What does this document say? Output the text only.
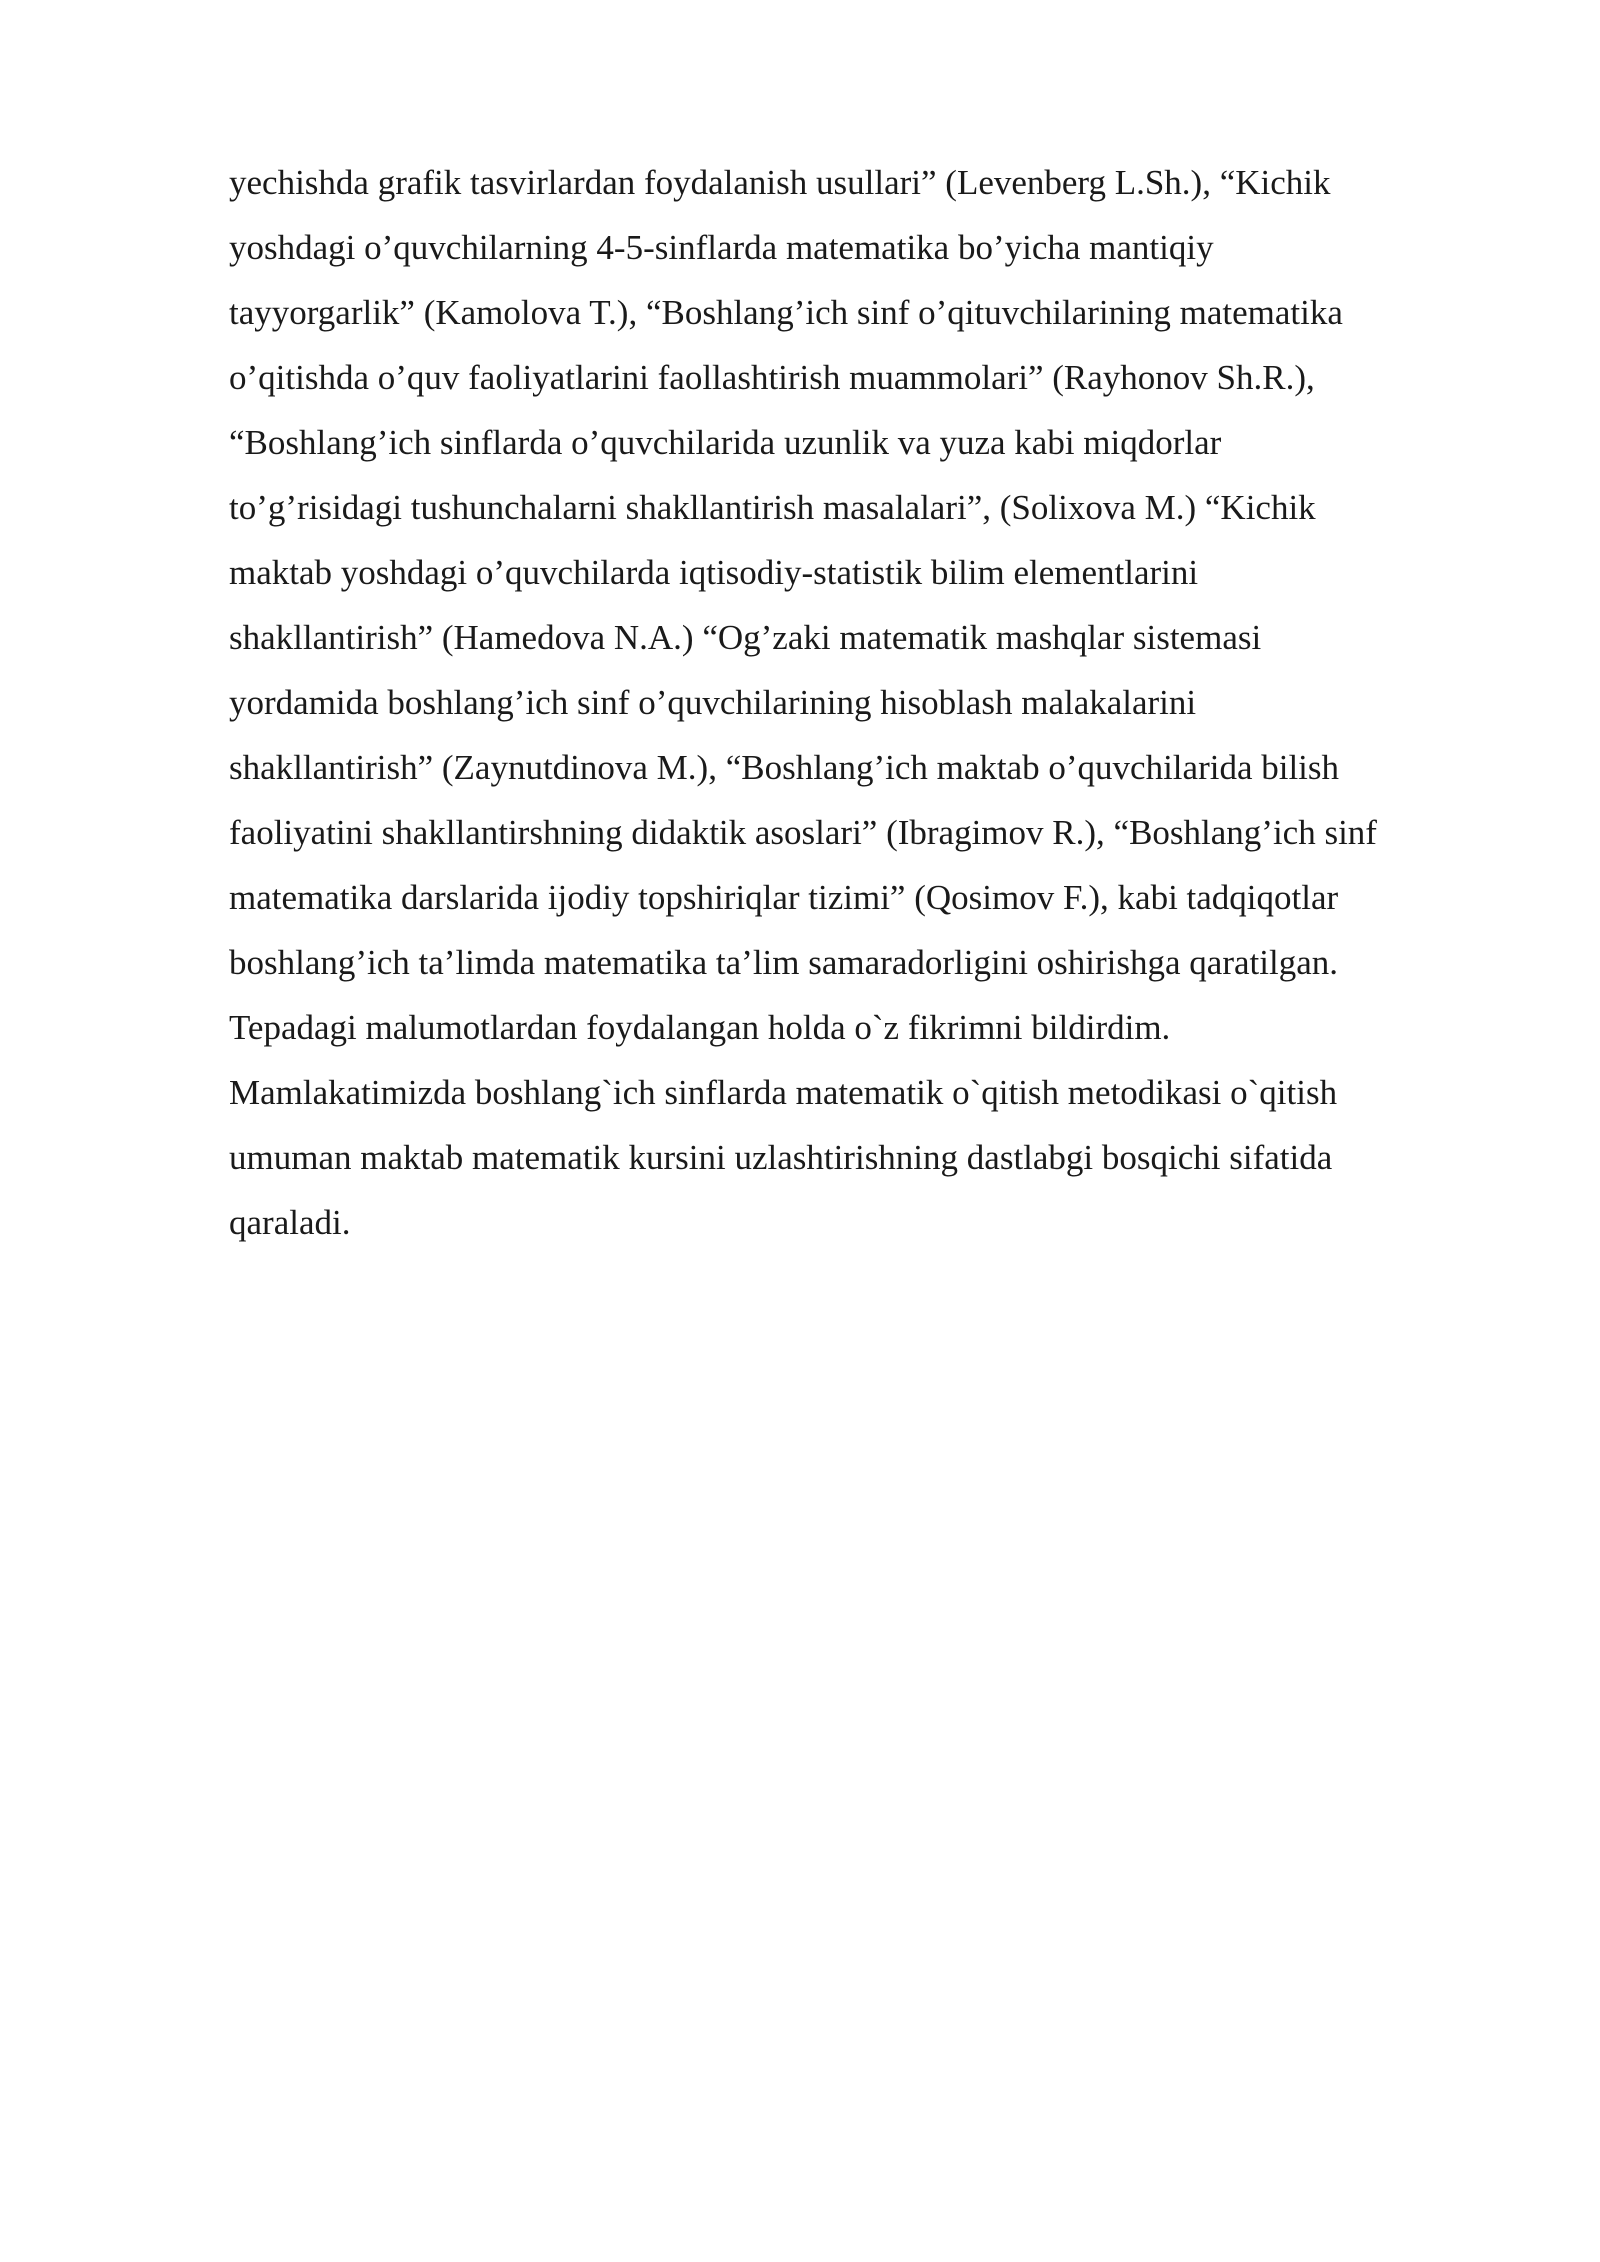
yechishda grafik tasvirlardan foydalanish usullari” (Levenberg L.Sh.), “Kichik
yoshdagi o’quvchilarning 4-5-sinflarda matematika bo’yicha mantiqiy
tayyorgarlik” (Kamolova T.), “Boshlang’ich sinf o’qituvchilarining matematika
o’qitishda o’quv faoliyatlarini faollashtirish muammolari” (Rayhonov Sh.R.),
“Boshlang’ich sinflarda o’quvchilarida uzunlik va yuza kabi miqdorlar
to’g’risidagi tushunchalarni shakllantirish masalalari”, (Solixova M.) “Kichik
maktab yoshdagi o’quvchilarda iqtisodiy-statistik bilim elementlarini
shakllantirish” (Hamedova N.A.) “Og’zaki matematik mashqlar sistemasi
yordamida boshlang’ich sinf o’quvchilarining hisoblash malakalarini
shakllantirish” (Zaynutdinova M.), “Boshlang’ich maktab o’quvchilarida bilish
faoliyatini shakllantirshning didaktik asoslari” (Ibragimov R.), “Boshlang’ich sinf
matematika darslarida ijodiy topshiriqlar tizimi” (Qosimov F.), kabi tadqiqotlar
boshlang’ich ta’limda matematika ta’lim samaradorligini oshirishga qaratilgan.
Tepadagi malumotlardan foydalangan holda o`z fikrimni bildirdim.
Mamlakatimizda boshlang`ich sinflarda matematik o`qitish metodikasi o`qitish
umuman maktab matematik kursini uzlashtirishning dastlabgi bosqichi sifatida
qaraladi.
